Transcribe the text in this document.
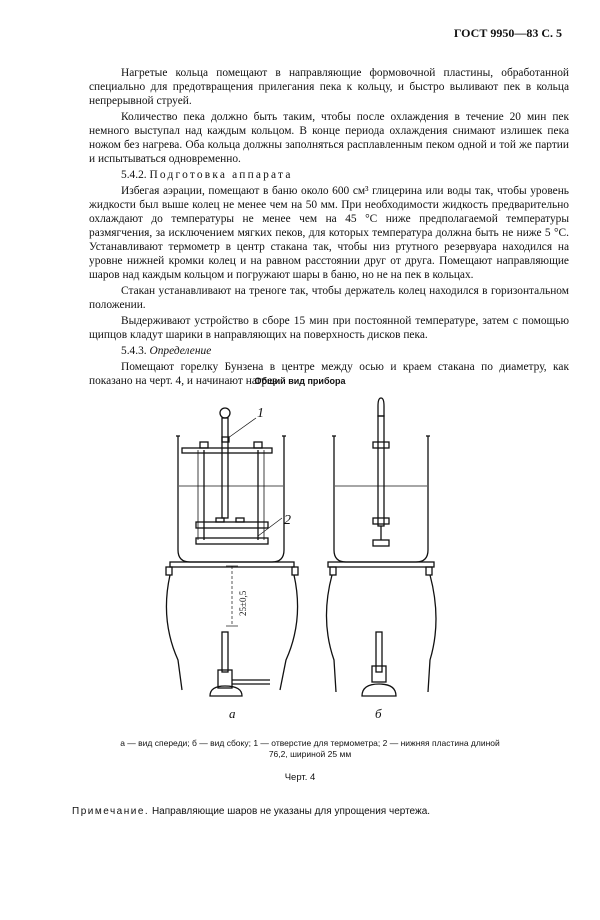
ГОСТ 9950—83 С. 5

Нагретые кольца помещают в направляющие формовочной пластины, обработанной специально для предотвращения прилегания пека к кольцу, и быстро выливают пек в кольца непрерывной струей.

Количество пека должно быть таким, чтобы после охлаждения в течение 20 мин пек немного выступал над каждым кольцом. В конце периода охлаждения снимают излишек пека ножом без нагрева. Оба кольца должны заполняться расплавленным пеком одной и той же партии и испытываться одновременно.

5.4.2. Подготовка аппарата

Избегая аэрации, помещают в баню около 600 см³ глицерина или воды так, чтобы уровень жидкости был выше колец не менее чем на 50 мм. При необходимости жидкость предварительно охлаждают до температуры не менее чем на 45 °С ниже предполагаемой температуры размягчения, за исключением мягких пеков, для которых температура должна быть не ниже 5 °С. Устанавливают термометр в центр стакана так, чтобы низ ртутного резервуара находился на уровне нижней кромки колец и на равном расстоянии друг от друга. Помещают направляющие шаров над каждым кольцом и погружают шары в баню, но не на пек в кольцах.

Стакан устанавливают на треноге так, чтобы держатель колец находился в горизонтальном положении.

Выдерживают устройство в сборе 15 мин при постоянной температуре, затем с помощью щипцов кладут шарики в направляющих на поверхность дисков пека.

5.4.3. Определение

Помещают горелку Бунзена в центре между осью и краем стакана по диаметру, как показано на черт. 4, и начинают нагрев.

Общий вид прибора
1
2
25±0,5
а	б
а — вид спереди; б — вид сбоку; 1 — отверстие для термометра; 2 — нижняя пластина длиной 76,2, шириной 25 мм
Черт. 4
Примечание. Направляющие шаров не указаны для упрощения чертежа.
